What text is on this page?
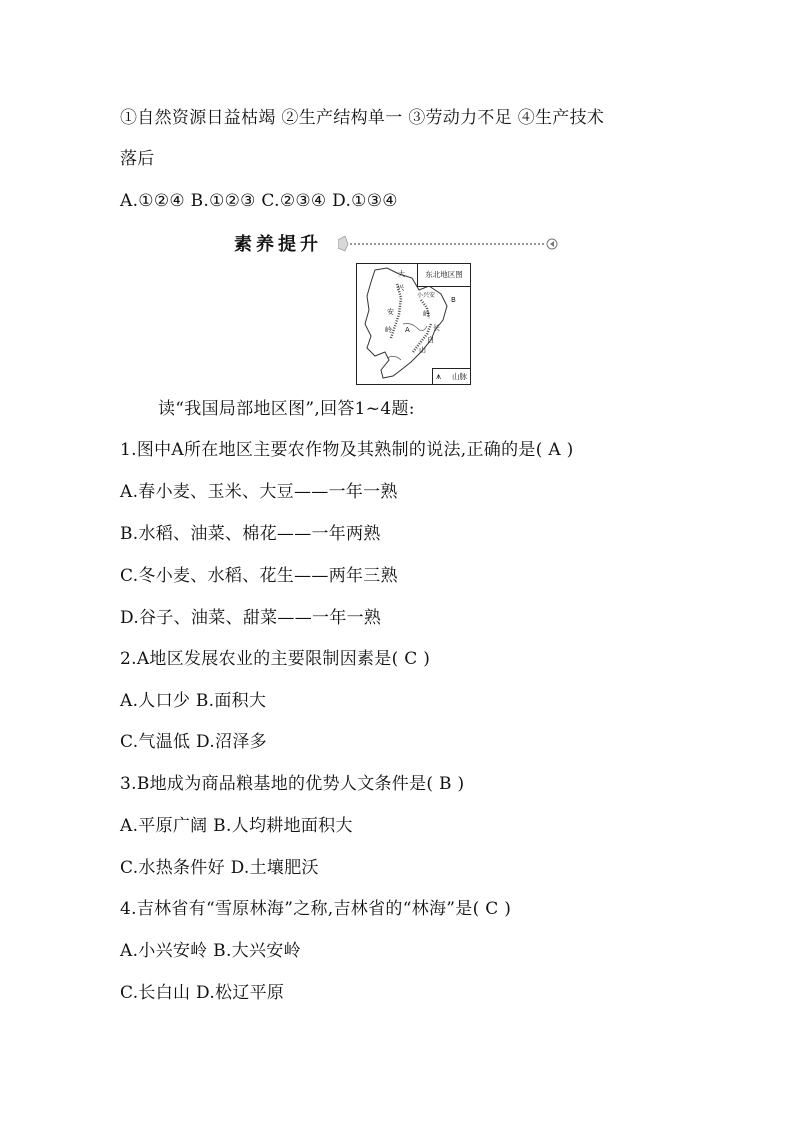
①自然资源日益枯竭 ②生产结构单一 ③劳动力不足 ④生产技术
落后
A.①②④ B.①②③ C.②③④ D.①③④
素养提升
大
兴
安
岭 A
B
小兴安
岭
长
白
山
东北地区图
⩚ 山脉
读“我国局部地区图”,回答1~4题:
1.图中A所在地区主要农作物及其熟制的说法,正确的是( A )
A.春小麦、玉米、大豆——一年一熟
B.水稻、油菜、棉花——一年两熟
C.冬小麦、水稻、花生——两年三熟
D.谷子、油菜、甜菜——一年一熟
2.A地区发展农业的主要限制因素是( C )
A.人口少 B.面积大
C.气温低 D.沼泽多
3.B地成为商品粮基地的优势人文条件是( B )
A.平原广阔 B.人均耕地面积大
C.水热条件好 D.土壤肥沃
4.吉林省有“雪原林海”之称,吉林省的“林海”是( C )
A.小兴安岭 B.大兴安岭
C.长白山 D.松辽平原
